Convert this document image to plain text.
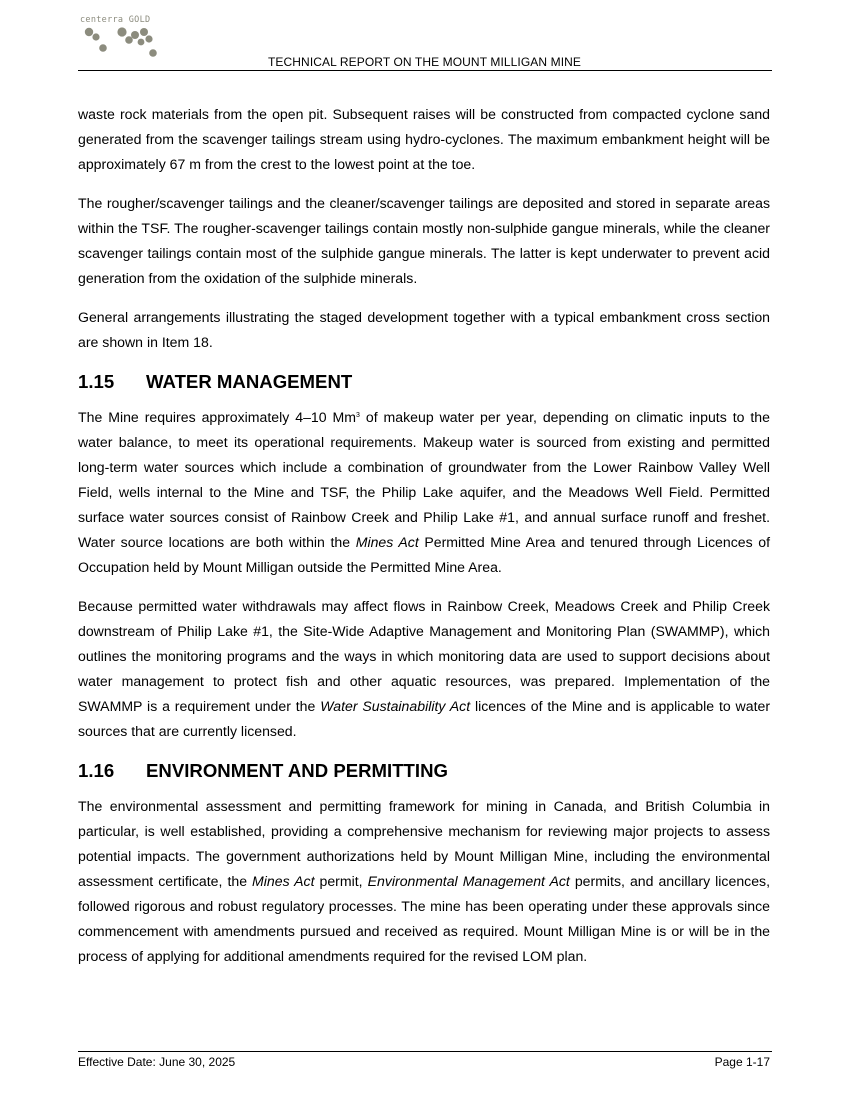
centerra GOLD
TECHNICAL REPORT ON THE MOUNT MILLIGAN MINE

waste rock materials from the open pit. Subsequent raises will be constructed from compacted cyclone sand generated from the scavenger tailings stream using hydro-cyclones. The maximum embankment height will be approximately 67 m from the crest to the lowest point at the toe.

The rougher/scavenger tailings and the cleaner/scavenger tailings are deposited and stored in separate areas within the TSF. The rougher-scavenger tailings contain mostly non-sulphide gangue minerals, while the cleaner scavenger tailings contain most of the sulphide gangue minerals. The latter is kept underwater to prevent acid generation from the oxidation of the sulphide minerals.

General arrangements illustrating the staged development together with a typical embankment cross section are shown in Item 18.

1.15 WATER MANAGEMENT

The Mine requires approximately 4–10 Mm$^3$ of makeup water per year, depending on climatic inputs to the water balance, to meet its operational requirements. Makeup water is sourced from existing and permitted long-term water sources which include a combination of groundwater from the Lower Rainbow Valley Well Field, wells internal to the Mine and TSF, the Philip Lake aquifer, and the Meadows Well Field. Permitted surface water sources consist of Rainbow Creek and Philip Lake #1, and annual surface runoff and freshet. Water source locations are both within the Mines Act Permitted Mine Area and tenured through Licences of Occupation held by Mount Milligan outside the Permitted Mine Area.

Because permitted water withdrawals may affect flows in Rainbow Creek, Meadows Creek and Philip Creek downstream of Philip Lake #1, the Site-Wide Adaptive Management and Monitoring Plan (SWAMMP), which outlines the monitoring programs and the ways in which monitoring data are used to support decisions about water management to protect fish and other aquatic resources, was prepared. Implementation of the SWAMMP is a requirement under the Water Sustainability Act licences of the Mine and is applicable to water sources that are currently licensed.

1.16 ENVIRONMENT AND PERMITTING

The environmental assessment and permitting framework for mining in Canada, and British Columbia in particular, is well established, providing a comprehensive mechanism for reviewing major projects to assess potential impacts. The government authorizations held by Mount Milligan Mine, including the environmental assessment certificate, the Mines Act permit, Environmental Management Act permits, and ancillary licences, followed rigorous and robust regulatory processes. The mine has been operating under these approvals since commencement with amendments pursued and received as required. Mount Milligan Mine is or will be in the process of applying for additional amendments required for the revised LOM plan.

Effective Date: June 30, 2025	Page 1-17
